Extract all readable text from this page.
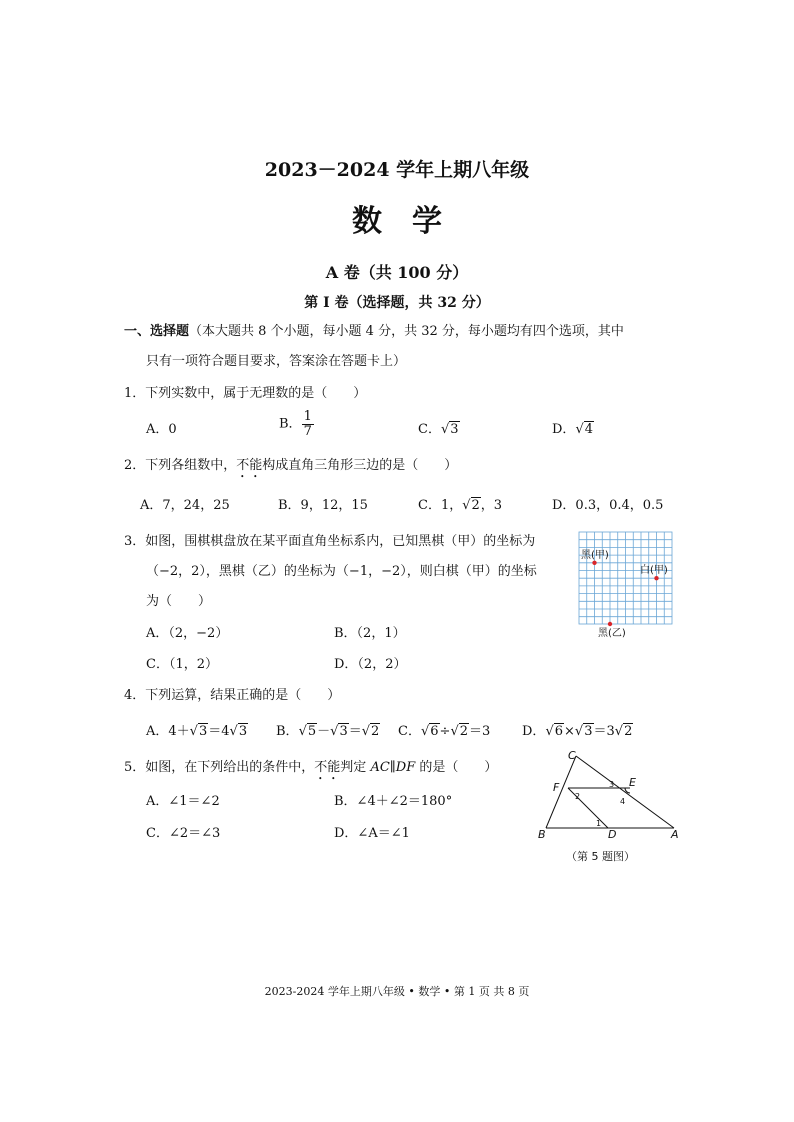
2023－2024 学年上期八年级
数　学
A 卷（共 100 分）
第 Ⅰ 卷（选择题，共 32 分）
一、选择题（本大题共 8 个小题，每小题 4 分，共 32 分，每小题均有四个选项，其中
只有一项符合题目要求，答案涂在答题卡上）
1．下列实数中，属于无理数的是（　　）
A．0	B． $\frac{1}{7}$	C．√3	D．√4
2．下列各组数中，不能构成直角三角形三边的是（　　）
A．7，24，25	B．9，12，15	C．1，√2，3	D．0.3，0.4，0.5
3．如图，围棋棋盘放在某平面直角坐标系内，已知黑棋（甲）的坐标为
（−2，2），黑棋（乙）的坐标为（−1，−2），则白棋（甲）的坐标
为（　　）
A．（2，−2）	B．（2，1）
C．（1，2）	D．（2，2）
黑(甲)
白(甲)
黑(乙)
4．下列运算，结果正确的是（　　）
A．4＋√3＝4√3 B．√5－√3＝√2 C．√6÷√2＝3 D．√6×√3＝3√2
5．如图，在下列给出的条件中，不能判定 AC∥DF 的是（　　）
A．∠1＝∠2	B．∠4＋∠2＝180°
C．∠2＝∠3	D．∠A＝∠1
C
F	E
B	D	A
1
2
3
4
（第 5 题图）
2023-2024 学年上期八年级 • 数学 • 第 1 页 共 8 页
